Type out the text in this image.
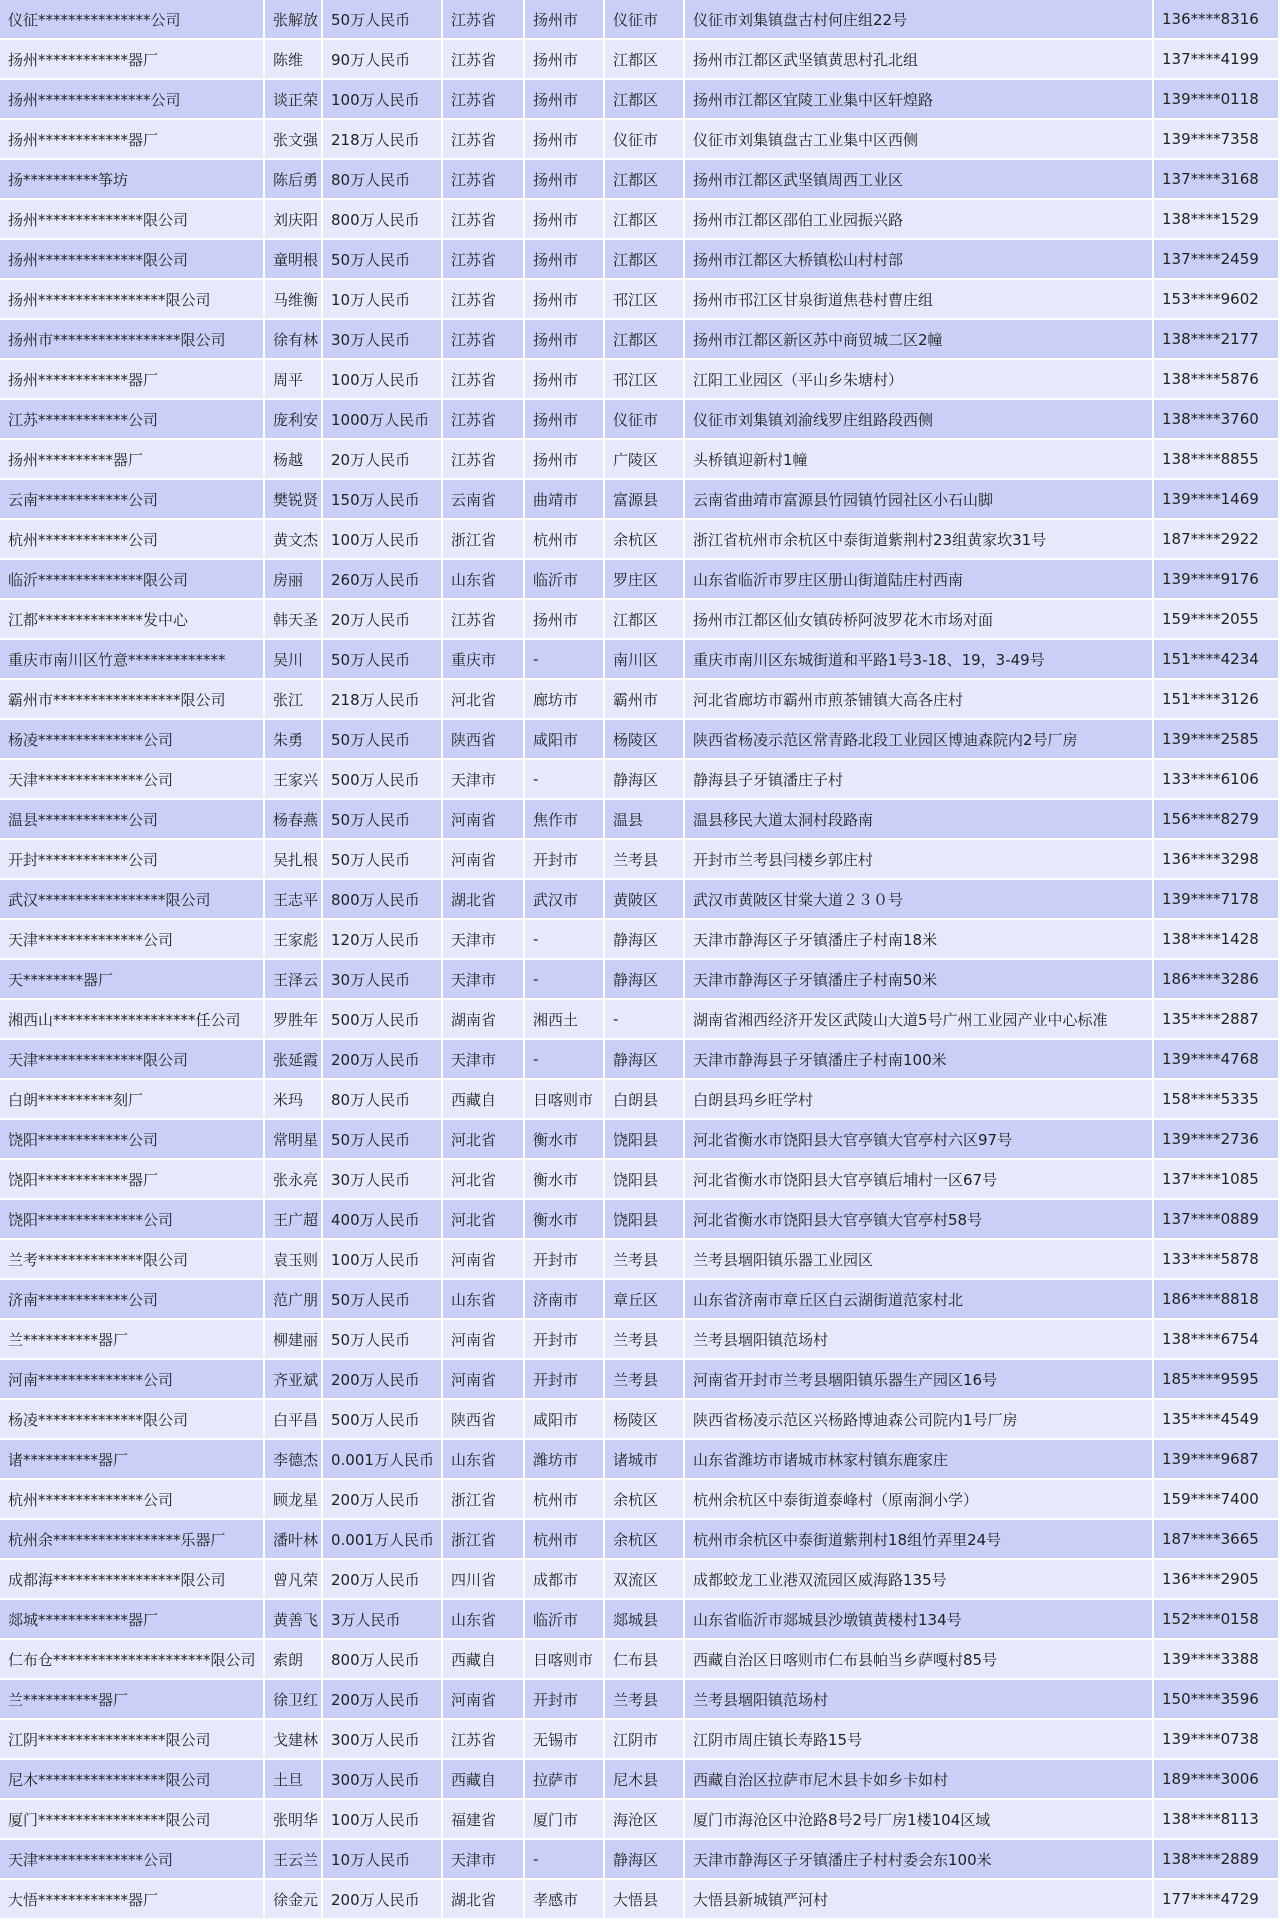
仪征***************公司	张解放	50万人民币	江苏省	扬州市	仪征市	仪征市刘集镇盘古村何庄组22号	136****8316
扬州************器厂	陈维	90万人民币	江苏省	扬州市	江都区	扬州市江都区武坚镇黄思村孔北组	137****4199
扬州***************公司	谈正荣	100万人民币	江苏省	扬州市	江都区	扬州市江都区宜陵工业集中区轩煌路	139****0118
扬州************器厂	张文强	218万人民币	江苏省	扬州市	仪征市	仪征市刘集镇盘古工业集中区西侧	139****7358
扬**********筝坊	陈后勇	80万人民币	江苏省	扬州市	江都区	扬州市江都区武坚镇周西工业区	137****3168
扬州**************限公司	刘庆阳	800万人民币	江苏省	扬州市	江都区	扬州市江都区邵伯工业园振兴路	138****1529
扬州**************限公司	童明根	50万人民币	江苏省	扬州市	江都区	扬州市江都区大桥镇松山村村部	137****2459
扬州*****************限公司	马维衡	10万人民币	江苏省	扬州市	邗江区	扬州市邗江区甘泉街道焦巷村曹庄组	153****9602
扬州市*****************限公司	徐有林	30万人民币	江苏省	扬州市	江都区	扬州市江都区新区苏中商贸城二区2幢	138****2177
扬州************器厂	周平	100万人民币	江苏省	扬州市	邗江区	江阳工业园区（平山乡朱塘村）	138****5876
江苏************公司	庞利安	1000万人民币	江苏省	扬州市	仪征市	仪征市刘集镇刘渝线罗庄组路段西侧	138****3760
扬州**********器厂	杨越	20万人民币	江苏省	扬州市	广陵区	头桥镇迎新村1幢	138****8855
云南************公司	樊锐贤	150万人民币	云南省	曲靖市	富源县	云南省曲靖市富源县竹园镇竹园社区小石山脚	139****1469
杭州************公司	黄文杰	100万人民币	浙江省	杭州市	余杭区	浙江省杭州市余杭区中泰街道紫荆村23组黄家坎31号	187****2922
临沂**************限公司	房丽	260万人民币	山东省	临沂市	罗庄区	山东省临沂市罗庄区册山街道陆庄村西南	139****9176
江都**************发中心	韩天圣	20万人民币	江苏省	扬州市	江都区	扬州市江都区仙女镇砖桥阿波罗花木市场对面	159****2055
重庆市南川区竹意*************	吴川	50万人民币	重庆市	-	南川区	重庆市南川区东城街道和平路1号3-18、19，3-49号	151****4234
霸州市*****************限公司	张江	218万人民币	河北省	廊坊市	霸州市	河北省廊坊市霸州市煎茶铺镇大高各庄村	151****3126
杨凌**************公司	朱勇	50万人民币	陕西省	咸阳市	杨陵区	陕西省杨凌示范区常青路北段工业园区博迪森院内2号厂房	139****2585
天津**************公司	王家兴	500万人民币	天津市	-	静海区	静海县子牙镇潘庄子村	133****6106
温县************公司	杨春燕	50万人民币	河南省	焦作市	温县	温县移民大道太洞村段路南	156****8279
开封************公司	吴扎根	50万人民币	河南省	开封市	兰考县	开封市兰考县闫楼乡郭庄村	136****3298
武汉*****************限公司	王志平	800万人民币	湖北省	武汉市	黄陂区	武汉市黄陂区甘棠大道２３０号	139****7178
天津**************公司	王家彪	120万人民币	天津市	-	静海区	天津市静海区子牙镇潘庄子村南18米	138****1428
天********器厂	王泽云	30万人民币	天津市	-	静海区	天津市静海区子牙镇潘庄子村南50米	186****3286
湘西山*******************任公司	罗胜年	500万人民币	湖南省	湘西土	-	湖南省湘西经济开发区武陵山大道5号广州工业园产业中心标准	135****2887
天津**************限公司	张延霞	200万人民币	天津市	-	静海区	天津市静海县子牙镇潘庄子村南100米	139****4768
白朗**********刻厂	米玛	80万人民币	西藏自	日喀则市	白朗县	白朗县玛乡旺学村	158****5335
饶阳************公司	常明星	50万人民币	河北省	衡水市	饶阳县	河北省衡水市饶阳县大官亭镇大官亭村六区97号	139****2736
饶阳************器厂	张永亮	30万人民币	河北省	衡水市	饶阳县	河北省衡水市饶阳县大官亭镇后埔村一区67号	137****1085
饶阳**************公司	王广超	400万人民币	河北省	衡水市	饶阳县	河北省衡水市饶阳县大官亭镇大官亭村58号	137****0889
兰考**************限公司	袁玉则	100万人民币	河南省	开封市	兰考县	兰考县堌阳镇乐器工业园区	133****5878
济南************公司	范广朋	50万人民币	山东省	济南市	章丘区	山东省济南市章丘区白云湖街道范家村北	186****8818
兰**********器厂	柳建丽	50万人民币	河南省	开封市	兰考县	兰考县堌阳镇范场村	138****6754
河南**************公司	齐亚斌	200万人民币	河南省	开封市	兰考县	河南省开封市兰考县堌阳镇乐器生产园区16号	185****9595
杨凌**************限公司	白平昌	500万人民币	陕西省	咸阳市	杨陵区	陕西省杨凌示范区兴杨路博迪森公司院内1号厂房	135****4549
诸**********器厂	李德杰	0.001万人民币	山东省	潍坊市	诸城市	山东省潍坊市诸城市林家村镇东鹿家庄	139****9687
杭州**************公司	顾龙星	200万人民币	浙江省	杭州市	余杭区	杭州余杭区中泰街道泰峰村（原南涧小学）	159****7400
杭州余*****************乐器厂	潘叶林	0.001万人民币	浙江省	杭州市	余杭区	杭州市余杭区中泰街道紫荆村18组竹弄里24号	187****3665
成都海*****************限公司	曾凡荣	200万人民币	四川省	成都市	双流区	成都蛟龙工业港双流园区威海路135号	136****2905
郯城************器厂	黄善飞	3万人民币	山东省	临沂市	郯城县	山东省临沂市郯城县沙墩镇黄楼村134号	152****0158
仁布仓*********************限公司	索朗	800万人民币	西藏自	日喀则市	仁布县	西藏自治区日喀则市仁布县帕当乡萨嘎村85号	139****3388
兰**********器厂	徐卫红	200万人民币	河南省	开封市	兰考县	兰考县堌阳镇范场村	150****3596
江阴*****************限公司	戈建林	300万人民币	江苏省	无锡市	江阴市	江阴市周庄镇长寿路15号	139****0738
尼木*****************限公司	土旦	300万人民币	西藏自	拉萨市	尼木县	西藏自治区拉萨市尼木县卡如乡卡如村	189****3006
厦门*****************限公司	张明华	100万人民币	福建省	厦门市	海沧区	厦门市海沧区中沧路8号2号厂房1楼104区域	138****8113
天津**************公司	王云兰	10万人民币	天津市	-	静海区	天津市静海区子牙镇潘庄子村村委会东100米	138****2889
大悟************器厂	徐金元	200万人民币	湖北省	孝感市	大悟县	大悟县新城镇严河村	177****4729
